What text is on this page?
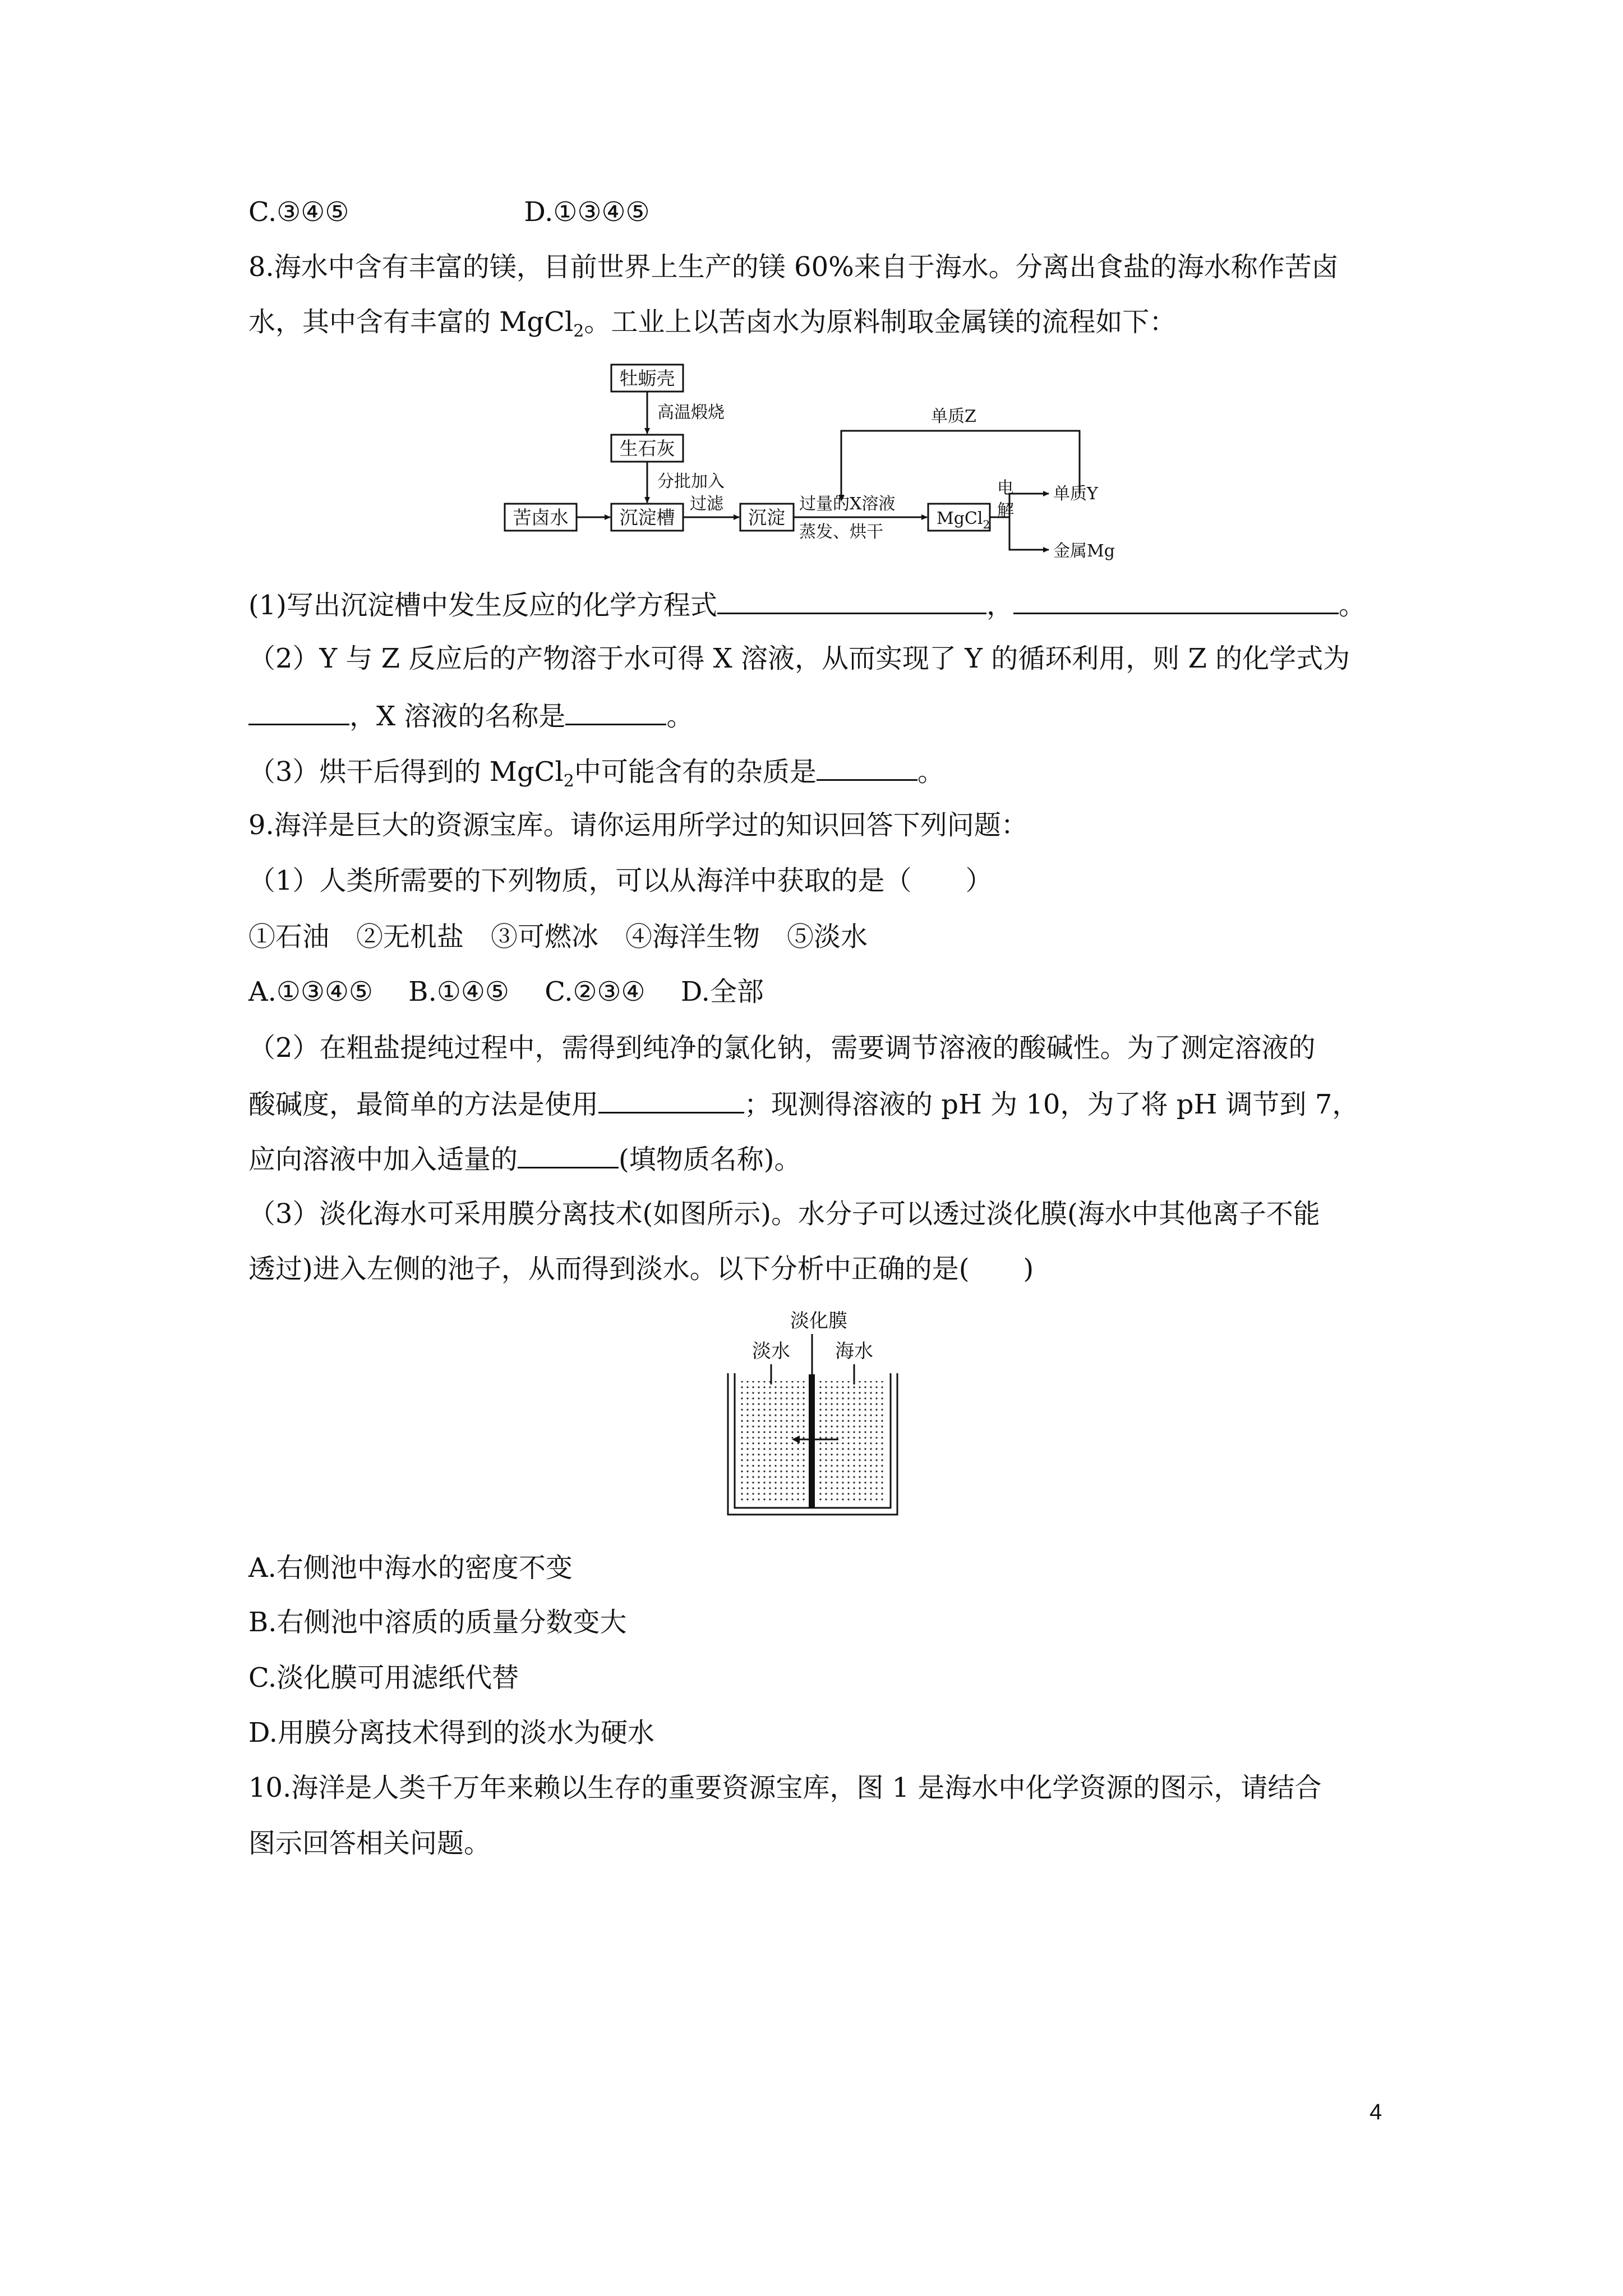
C.③④⑤	D.①③④⑤
8.海水中含有丰富的镁，目前世界上生产的镁 60%来自于海水。分离出食盐的海水称作苦卤
水，其中含有丰富的 MgCl$_2$。工业上以苦卤水为原料制取金属镁的流程如下：
牡蛎壳
高温煅烧
生石灰
分批加入
苦卤水	沉淀槽
过滤
沉淀
过量的X溶液
蒸发、烘干
MgCl$_2$
电
解
单质Z
单质Y
金属Mg
(1)写出沉淀槽中发生反应的化学方程式	，	。
（2）Y 与 Z 反应后的产物溶于水可得 X 溶液，从而实现了 Y 的循环利用，则 Z 的化学式为
，X 溶液的名称是	。
（3）烘干后得到的 MgCl$_2$中可能含有的杂质是	。
9.海洋是巨大的资源宝库。请你运用所学过的知识回答下列问题：
（1）人类所需要的下列物质，可以从海洋中获取的是（　　）
①石油　②无机盐　③可燃冰　④海洋生物　⑤淡水
A.①③④⑤　 B.①④⑤　 C.②③④　 D.全部
（2）在粗盐提纯过程中，需得到纯净的氯化钠，需要调节溶液的酸碱性。为了测定溶液的
酸碱度，最简单的方法是使用	；现测得溶液的 pH 为 10，为了将 pH 调节到 7，
应向溶液中加入适量的	(填物质名称)。
（3）淡化海水可采用膜分离技术(如图所示)。水分子可以透过淡化膜(海水中其他离子不能
透过)进入左侧的池子，从而得到淡水。以下分析中正确的是(　　)
淡化膜
淡水 海水
A.右侧池中海水的密度不变
B.右侧池中溶质的质量分数变大
C.淡化膜可用滤纸代替
D.用膜分离技术得到的淡水为硬水
10.海洋是人类千万年来赖以生存的重要资源宝库，图 1 是海水中化学资源的图示，请结合
图示回答相关问题。
4
